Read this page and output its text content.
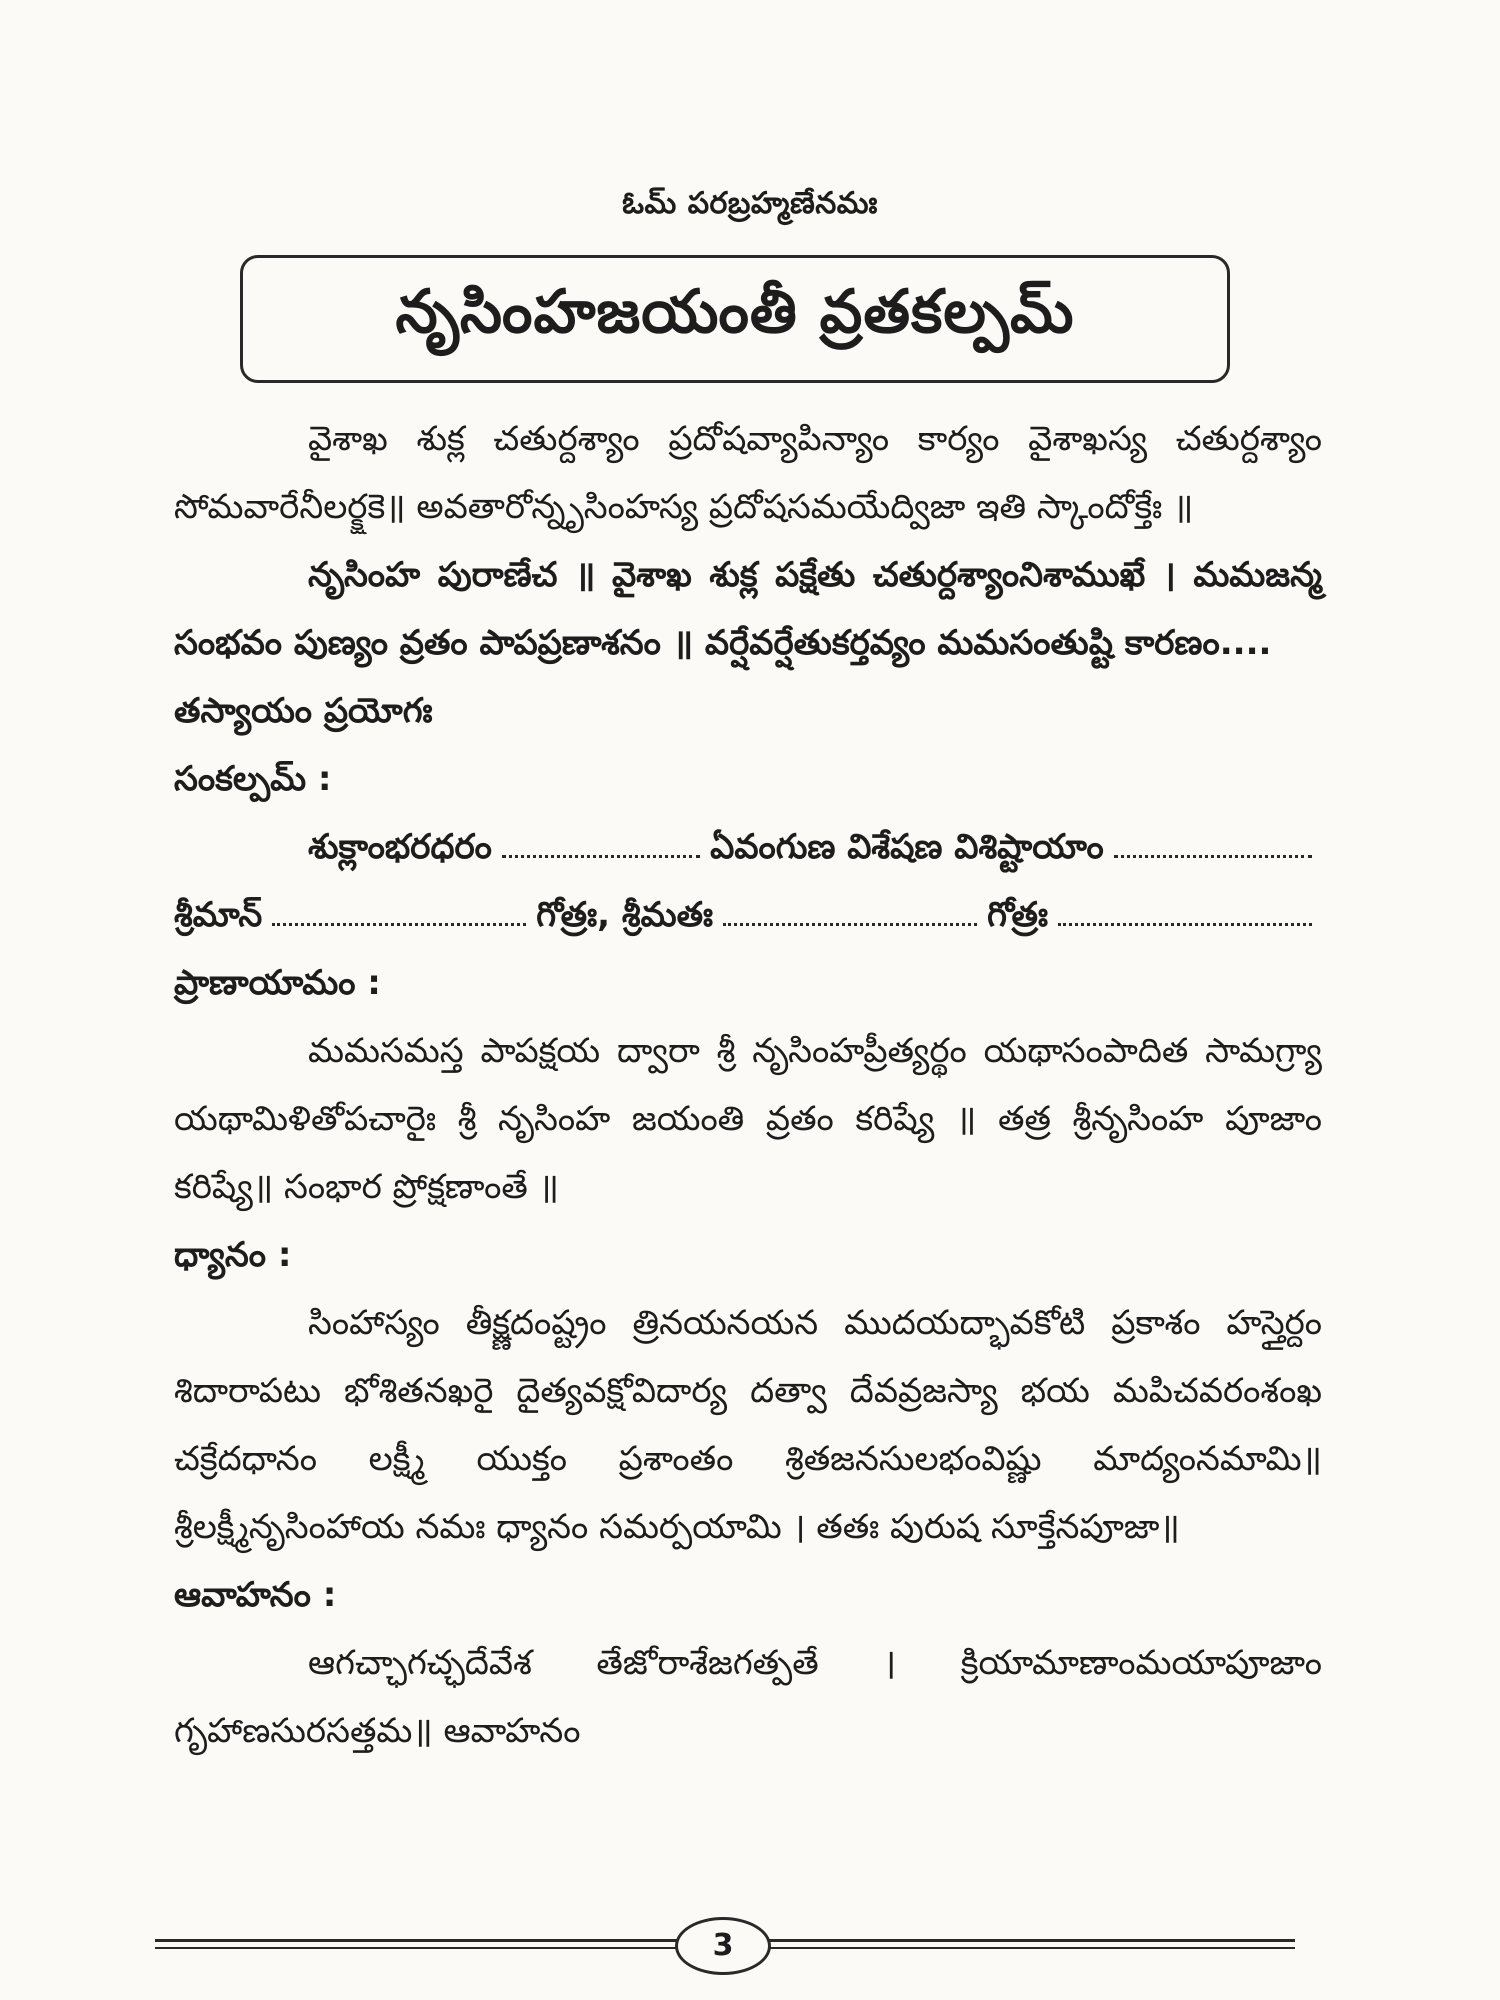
ఓమ్ పరబ్రహ్మణేనమః
నృసింహజయంతీ వ్రతకల్పమ్

వైశాఖ శుక్ల చతుర్దశ్యాం ప్రదోషవ్యాపిన్యాం కార్యం వైశాఖస్య చతుర్దశ్యాం సోమవారేనీలర్క్షకె॥ అవతారోన్నృసింహస్య ప్రదోషసమయేద్విజా ఇతి స్కాందోక్తేః ॥

నృసింహ పురాణేచ ॥ వైశాఖ శుక్ల పక్షేతు చతుర్దశ్యాంనిశాముఖే । మమజన్మ సంభవం పుణ్యం వ్రతం పాపప్రణాశనం ॥ వర్షేవర్షేతుకర్తవ్యం మమసంతుష్టి కారణం....

తస్యాయం ప్రయోగః

సంకల్పమ్ :

శుక్లాంభరధరం	ఏవంగుణ విశేషణ విశిష్టాయాం
శ్రీమాన్	గోత్రః, శ్రీమతః	గోత్రః

ప్రాణాయామం :

మమసమస్త పాపక్షయ ద్వారా శ్రీ నృసింహప్రీత్యర్థం యథాసంపాదిత సామగ్ర్యా యథామిళితోపచారైః శ్రీ నృసింహ జయంతి వ్రతం కరిష్యే ॥ తత్ర శ్రీనృసింహ పూజాం కరిష్యే॥ సంభార ప్రోక్షణాంతే ॥

ధ్యానం :

సింహాస్యం తీక్ష్ణదంష్ట్రం త్రినయనయన ముదయద్భావకోటి ప్రకాశం హస్తైర్దం శిదారాపటు భోశితనఖరై దైత్యవక్షోవిదార్య దత్వా దేవవ్రజస్యా భయ మపిచవరంశంఖ చక్రేదధానం లక్ష్మీ యుక్తం ప్రశాంతం శ్రితజనసులభంవిష్ణు మాద్యంనమామి॥ శ్రీలక్ష్మీనృసింహాయ నమః ధ్యానం సమర్పయామి । తతః పురుష సూక్తేనపూజా॥

ఆవాహనం :

ఆగచ్ఛాగచ్ఛదేవేశ తేజోరాశేజగత్పతే । క్రియామాణాంమయాపూజాం గృహాణసురసత్తమ॥ ఆవాహనం

3
